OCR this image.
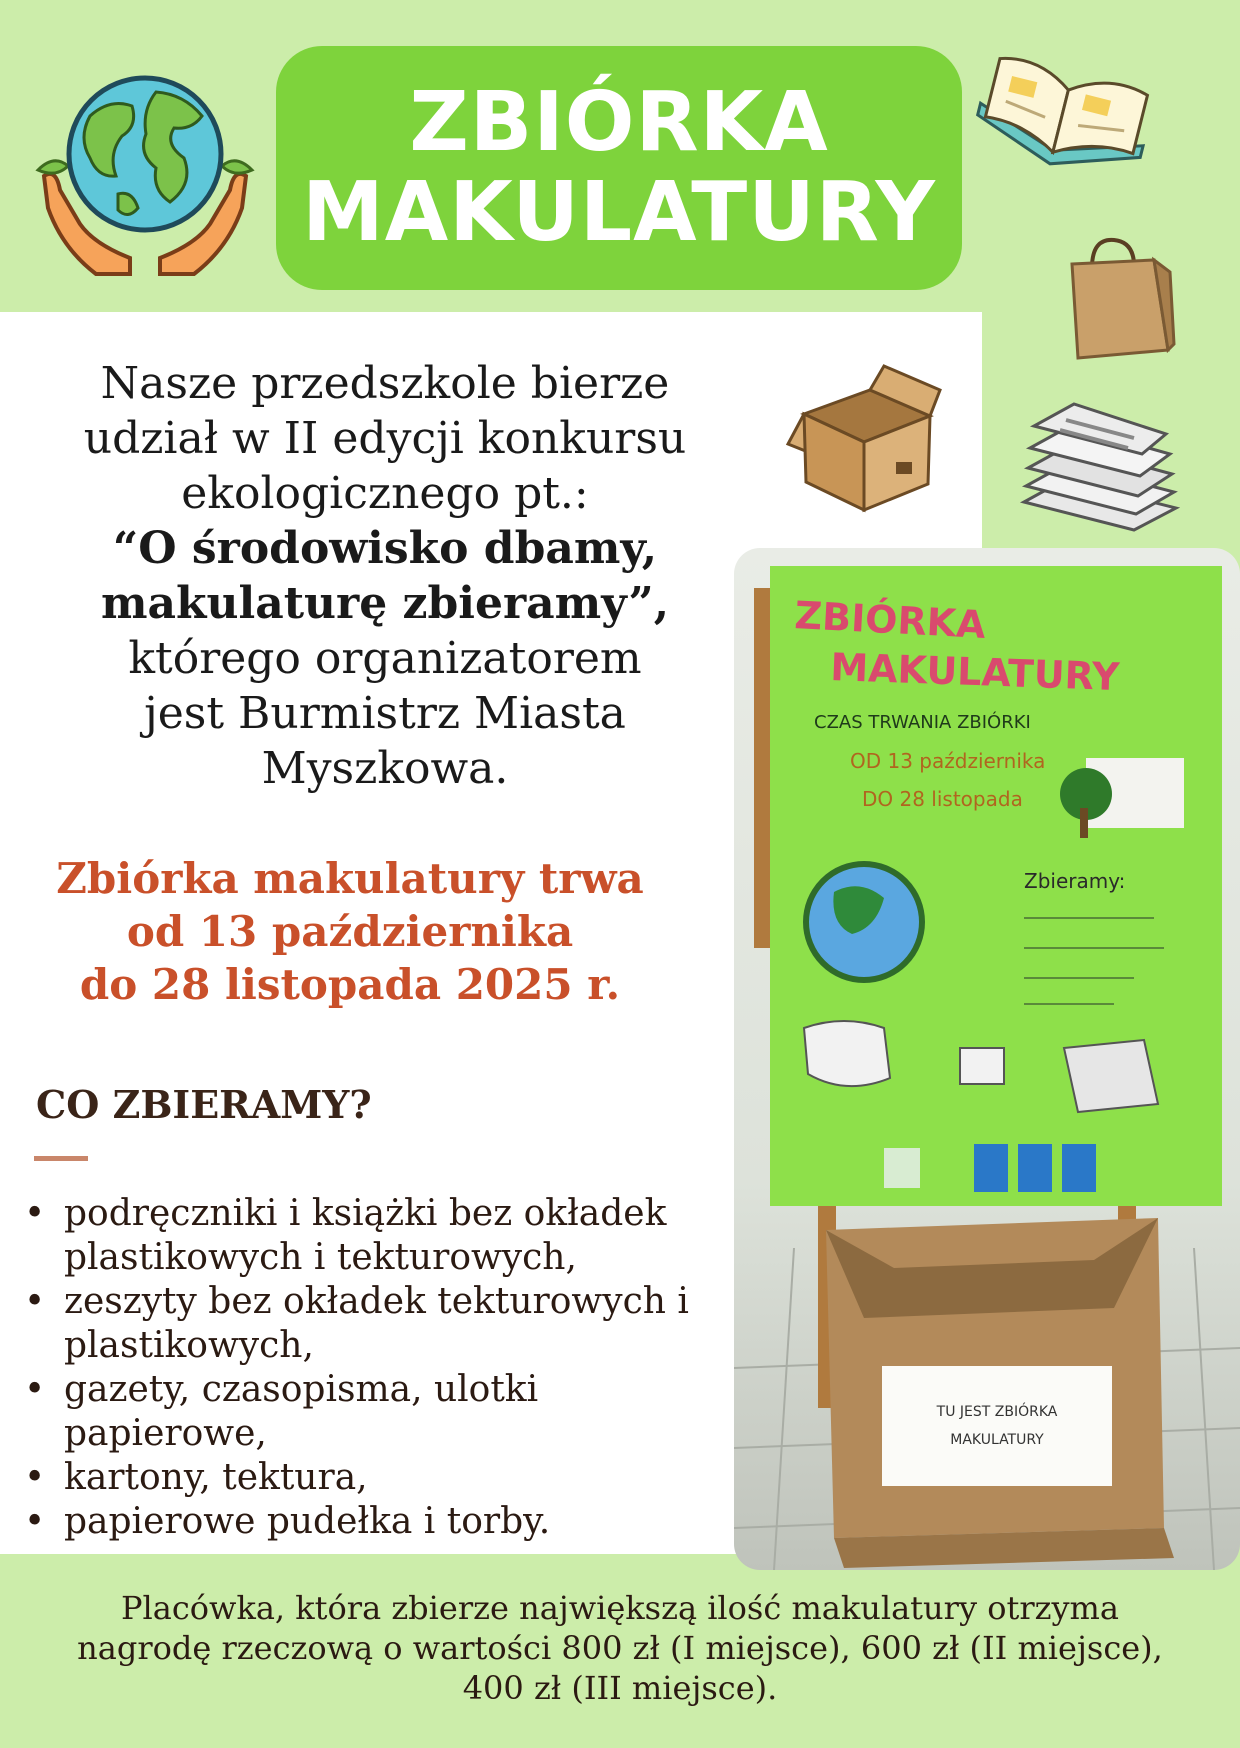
ZBIÓRKA
MAKULATURY
Nasze przedszkole bierze
udział w II edycji konkursu
ekologicznego pt.:
“O środowisko dbamy,
makulaturę zbieramy”,
którego organizatorem
jest Burmistrz Miasta
Myszkowa.
Zbiórka makulatury trwa
od 13 października
do 28 listopada 2025 r.
CO ZBIERAMY?
• podręczniki i książki bez okładek plastikowych i tekturowych,
• zeszyty bez okładek tekturowych i plastikowych,
• gazety, czasopisma, ulotki papierowe,
• kartony, tektura,
• papierowe pudełka i torby.
ZBIÓRKA
MAKULATURY
CZAS TRWANIA ZBIÓRKI
OD 13 października
DO 28 listopada
Zbieramy:
TU JEST ZBIÓRKA
MAKULATURY
Placówka, która zbierze największą ilość makulatury otrzyma nagrodę rzeczową o wartości 800 zł (I miejsce), 600 zł (II miejsce), 400 zł (III miejsce).
